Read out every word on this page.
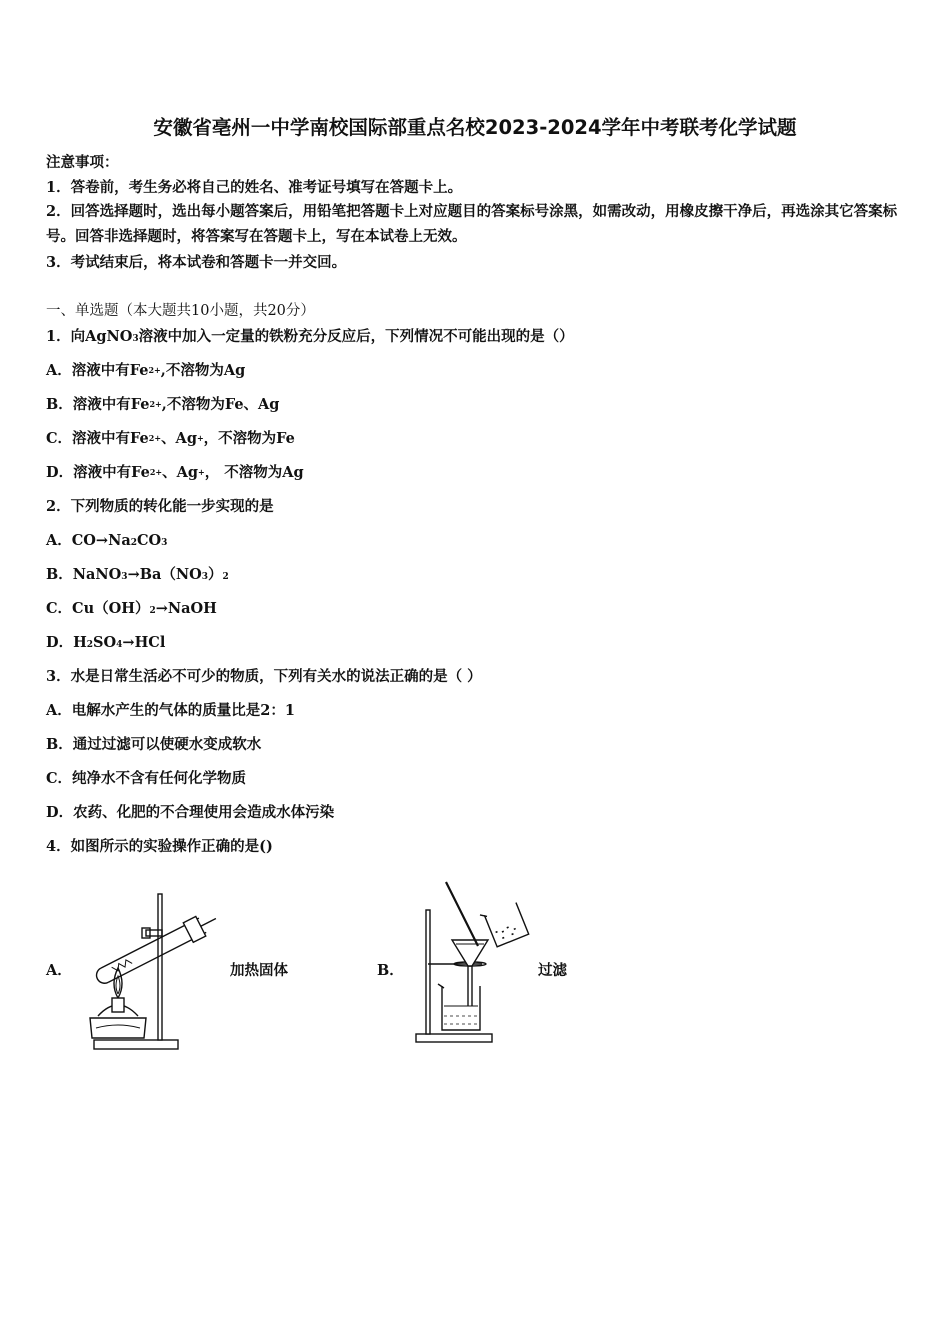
安徽省亳州一中学南校国际部重点名校2023-2024学年中考联考化学试题
注意事项：
1．答卷前，考生务必将自己的姓名、准考证号填写在答题卡上。
2．回答选择题时，选出每小题答案后，用铅笔把答题卡上对应题目的答案标号涂黑，如需改动，用橡皮擦干净后，再选涂其它答案标号。回答非选择题时，将答案写在答题卡上，写在本试卷上无效。
3．考试结束后，将本试卷和答题卡一并交回。
一、单选题（本大题共10小题，共20分）
1．向AgNO$_3$溶液中加入一定量的铁粉充分反应后，下列情况不可能出现的是（）
A．溶液中有$Fe^{2+}$,不溶物为Ag
B．溶液中有$Fe^{2+}$,不溶物为Fe、Ag
C．溶液中有$Fe^{2+}$、Ag+，不溶物为Fe
D．溶液中有$Fe^{2+}$、Ag+， 不溶物为Ag
2．下列物质的转化能一步实现的是
A．$CO\to Na_2CO_3$
B．$NaNO_3\to Ba(NO_3)_2$
C．$Cu(OH)_2\to NaOH$
D．$H_2SO_4\to HCl$
3．水是日常生活必不可少的物质，下列有关水的说法正确的是（ ）
A．电解水产生的气体的质量比是2：1
B．通过过滤可以使硬水变成软水
C．纯净水不含有任何化学物质
D．农药、化肥的不合理使用会造成水体污染
4．如图所示的实验操作正确的是()
A．	加热固体	B．	过滤
